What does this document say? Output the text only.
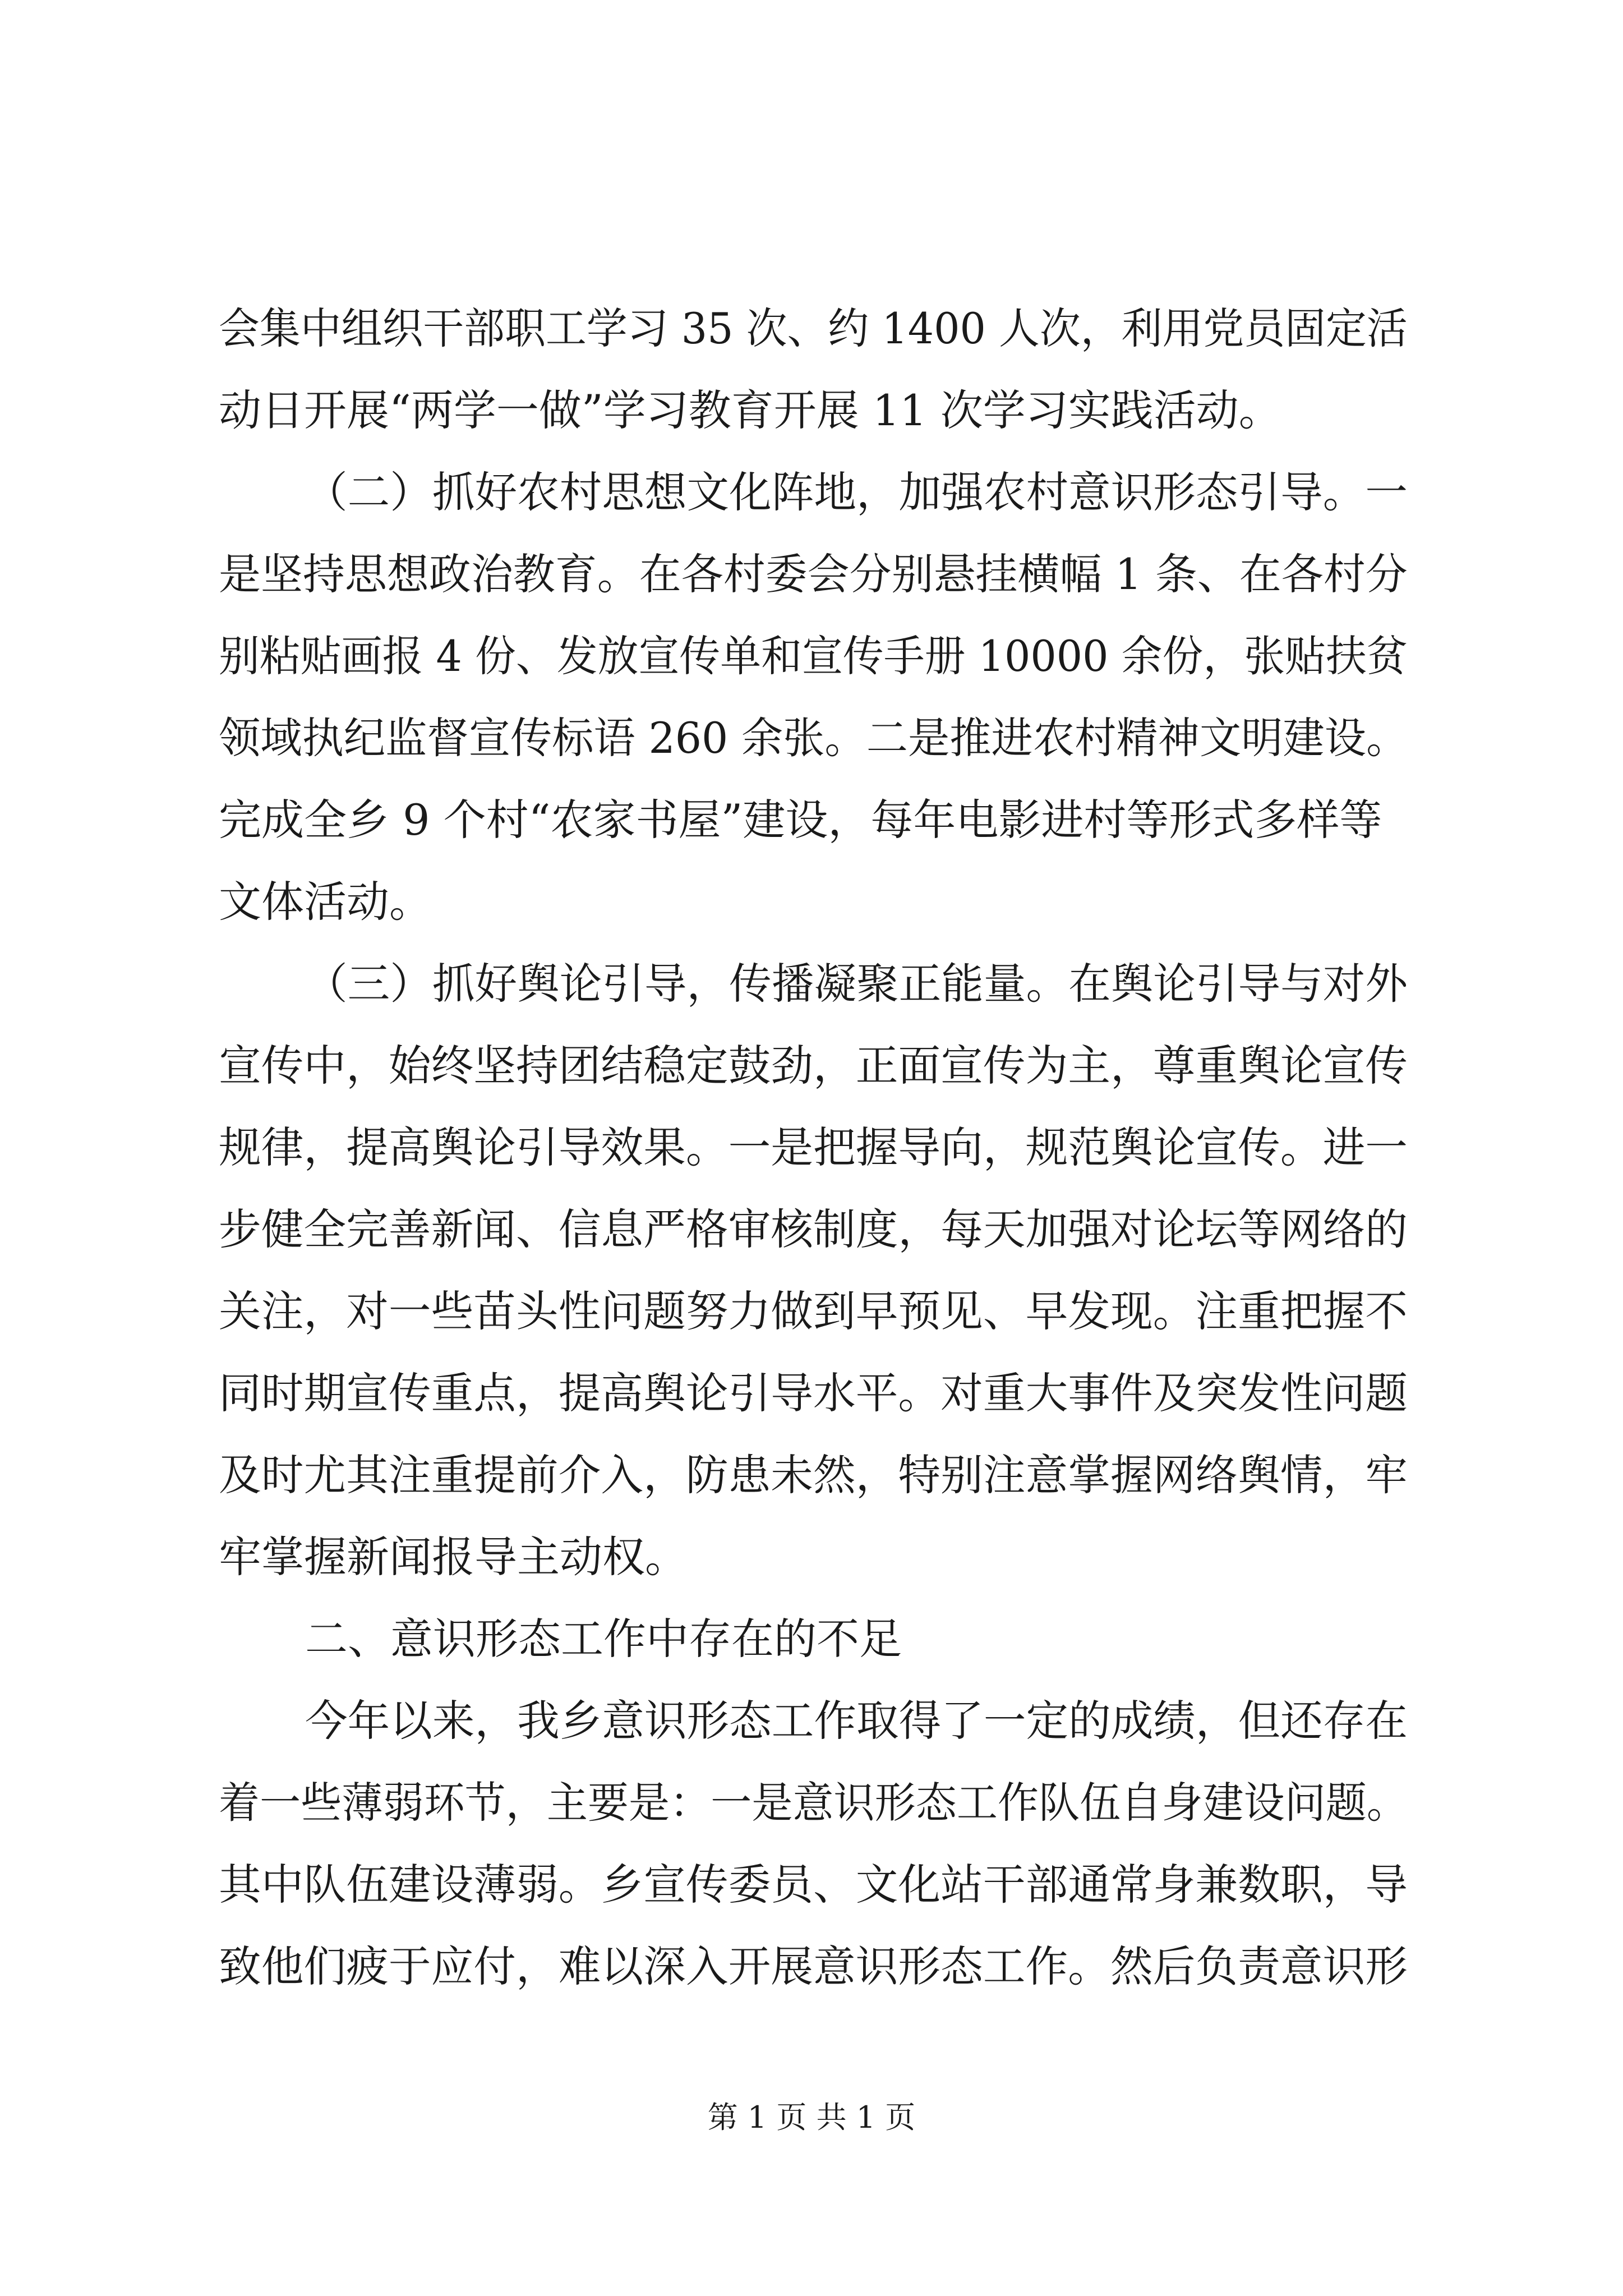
会集中组织干部职工学习 35 次、约 1400 人次，利用党员固定活
动日开展“两学一做”学习教育开展 11 次学习实践活动。
（二）抓好农村思想文化阵地，加强农村意识形态引导。一
是坚持思想政治教育。在各村委会分别悬挂横幅 1 条、在各村分
别粘贴画报 4 份、发放宣传单和宣传手册 10000 余份，张贴扶贫
领域执纪监督宣传标语 260 余张。二是推进农村精神文明建设。
完成全乡 9 个村“农家书屋”建设，每年电影进村等形式多样等
文体活动。
（三）抓好舆论引导，传播凝聚正能量。在舆论引导与对外
宣传中，始终坚持团结稳定鼓劲，正面宣传为主，尊重舆论宣传
规律，提高舆论引导效果。一是把握导向，规范舆论宣传。进一
步健全完善新闻、信息严格审核制度，每天加强对论坛等网络的
关注，对一些苗头性问题努力做到早预见、早发现。注重把握不
同时期宣传重点，提高舆论引导水平。对重大事件及突发性问题
及时尤其注重提前介入，防患未然，特别注意掌握网络舆情，牢
牢掌握新闻报导主动权。
二、意识形态工作中存在的不足
今年以来，我乡意识形态工作取得了一定的成绩，但还存在
着一些薄弱环节，主要是：一是意识形态工作队伍自身建设问题。
其中队伍建设薄弱。乡宣传委员、文化站干部通常身兼数职，导
致他们疲于应付，难以深入开展意识形态工作。然后负责意识形
第 1 页 共 1 页
